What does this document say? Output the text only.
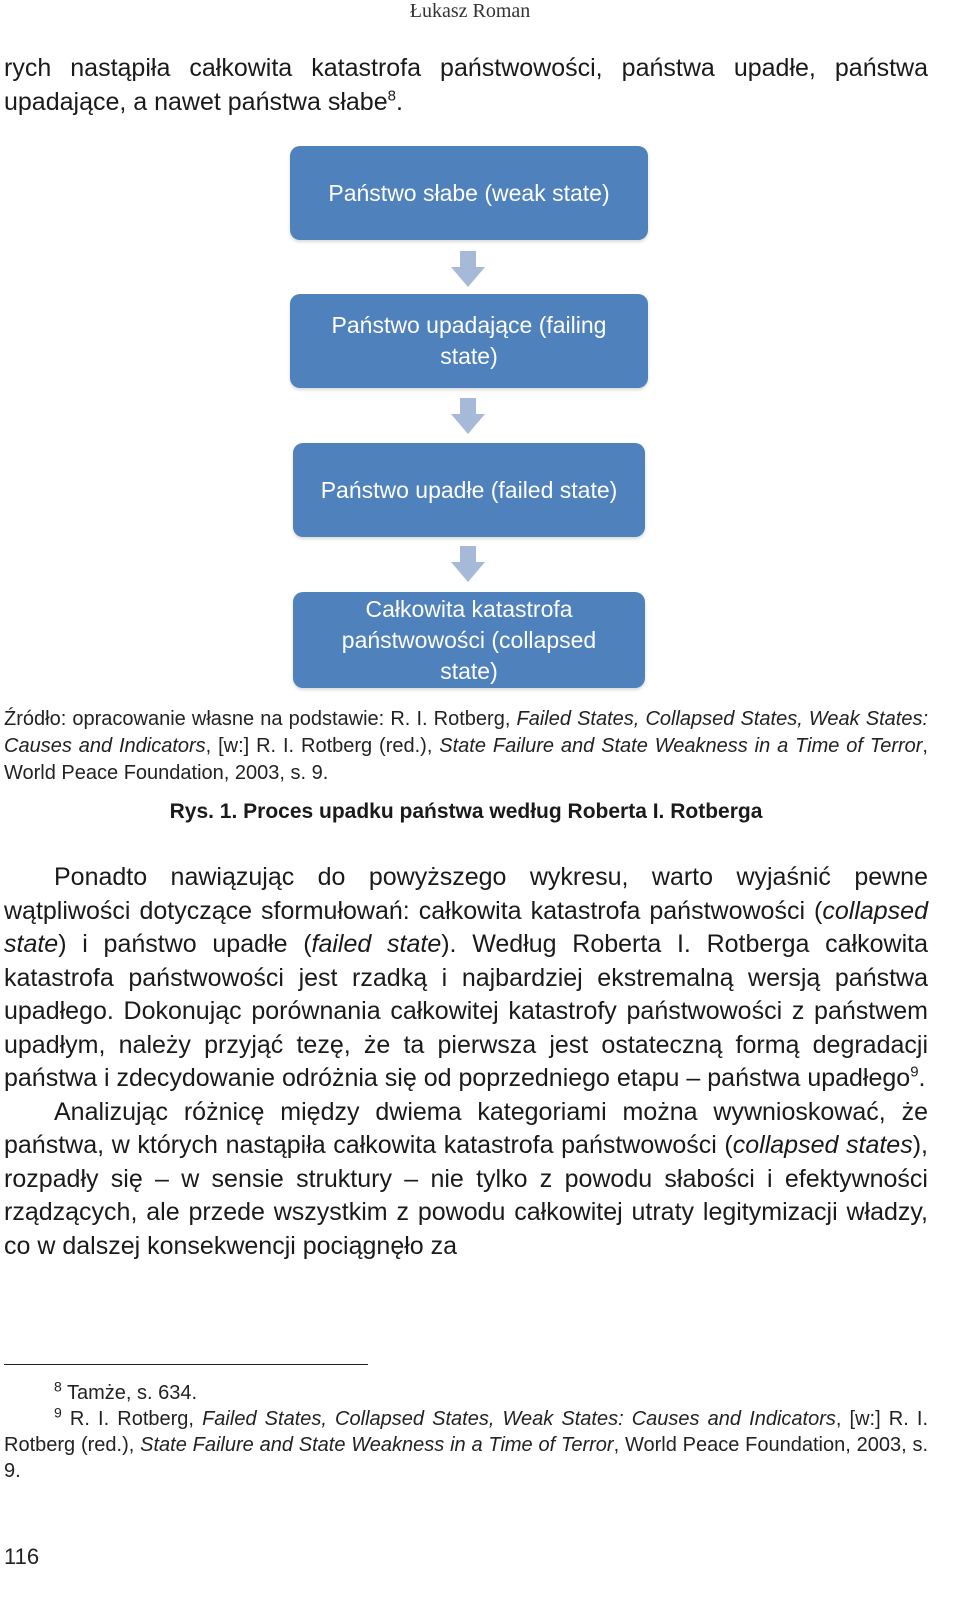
Łukasz Roman

rych nastąpiła całkowita katastrofa państwowości, państwa upadłe, państwa upadające, a nawet państwa słabe$^8$.

Państwo słabe (weak state)
Państwo upadające (failing state)
Państwo upadłe (failed state)
Całkowita katastrofa państwowości (collapsed state)
Źródło: opracowanie własne na podstawie: R. I. Rotberg, Failed States, Collapsed States, Weak States: Causes and Indicators, [w:] R. I. Rotberg (red.), State Failure and State Weakness in a Time of Terror, World Peace Foundation, 2003, s. 9.
Rys. 1. Proces upadku państwa według Roberta I. Rotberga

Ponadto nawiązując do powyższego wykresu, warto wyjaśnić pewne wątpliwości dotyczące sformułowań: całkowita katastrofa państwowości (collapsed state) i państwo upadłe (failed state). Według Roberta I. Rotberga całkowita katastrofa państwowości jest rzadką i najbardziej ekstremalną wersją państwa upadłego. Dokonując porównania całkowitej katastrofy państwowości z państwem upadłym, należy przyjąć tezę, że ta pierwsza jest ostateczną formą degradacji państwa i zdecydowanie odróżnia się od poprzedniego etapu – państwa upadłego$^9$.

Analizując różnicę między dwiema kategoriami można wywnioskować, że państwa, w których nastąpiła całkowita katastrofa państwowości (collapsed states), rozpadły się – w sensie struktury – nie tylko z powodu słabości i efektywności rządzących, ale przede wszystkim z powodu całkowitej utraty legitymizacji władzy, co w dalszej konsekwencji pociągnęło za

$^8$ Tamże, s. 634.

$^9$ R. I. Rotberg, Failed States, Collapsed States, Weak States: Causes and Indicators, [w:] R. I. Rotberg (red.), State Failure and State Weakness in a Time of Terror, World Peace Foundation, 2003, s. 9.

116
